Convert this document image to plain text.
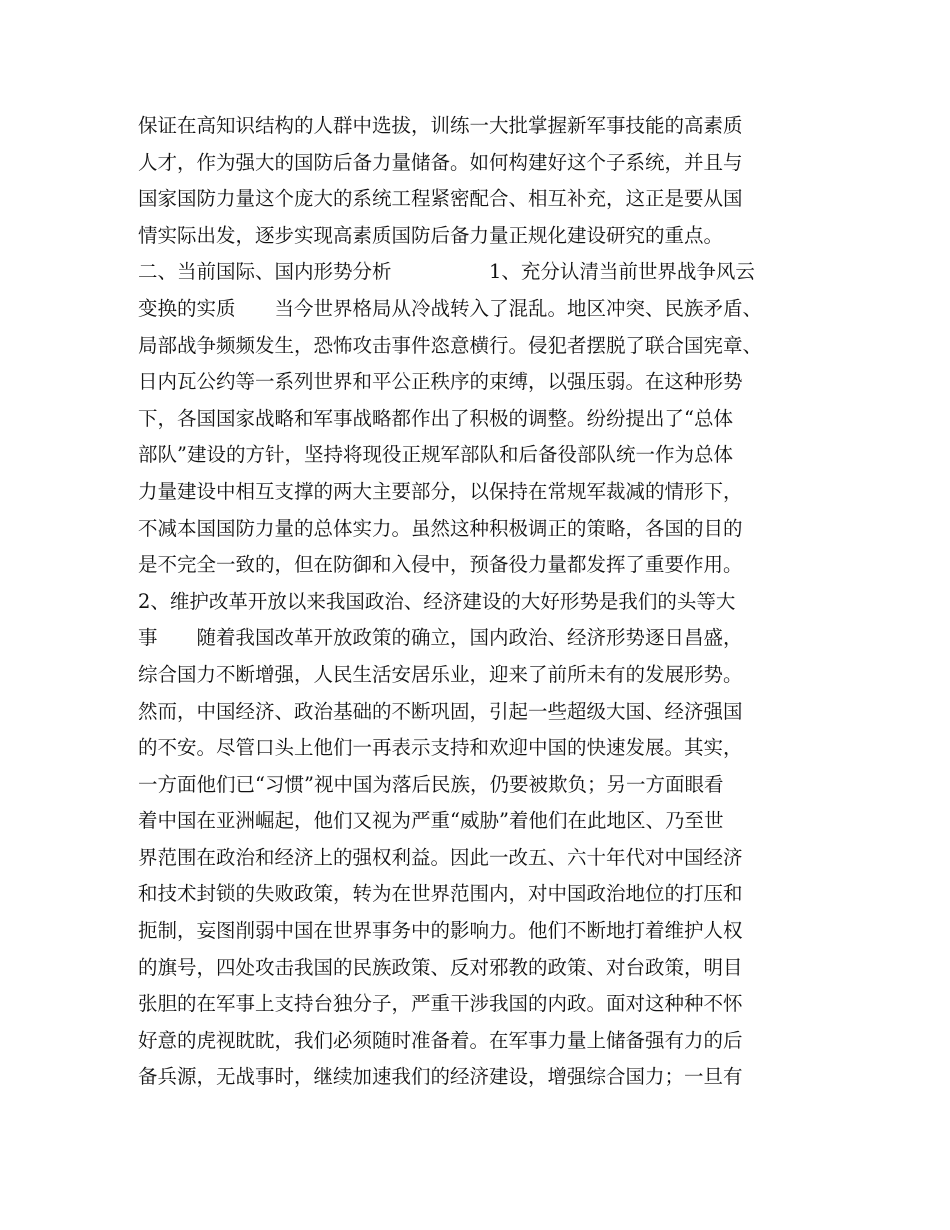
保证在高知识结构的人群中选拔，训练一大批掌握新军事技能的高素质
人才，作为强大的国防后备力量储备。如何构建好这个子系统，并且与
国家国防力量这个庞大的系统工程紧密配合、相互补充，这正是要从国
情实际出发，逐步实现高素质国防后备力量正规化建设研究的重点。
二、当前国际、国内形势分析　　　　　1、充分认清当前世界战争风云
变换的实质　　当今世界格局从冷战转入了混乱。地区冲突、民族矛盾、
局部战争频频发生，恐怖攻击事件恣意横行。侵犯者摆脱了联合国宪章、
日内瓦公约等一系列世界和平公正秩序的束缚，以强压弱。在这种形势
下，各国国家战略和军事战略都作出了积极的调整。纷纷提出了“总体
部队”建设的方针，坚持将现役正规军部队和后备役部队统一作为总体
力量建设中相互支撑的两大主要部分，以保持在常规军裁减的情形下，
不减本国国防力量的总体实力。虽然这种积极调正的策略，各国的目的
是不完全一致的，但在防御和入侵中，预备役力量都发挥了重要作用。
2、维护改革开放以来我国政治、经济建设的大好形势是我们的头等大
事　　随着我国改革开放政策的确立，国内政治、经济形势逐日昌盛，
综合国力不断增强，人民生活安居乐业，迎来了前所未有的发展形势。
然而，中国经济、政治基础的不断巩固，引起一些超级大国、经济强国
的不安。尽管口头上他们一再表示支持和欢迎中国的快速发展。其实，
一方面他们已“习惯”视中国为落后民族，仍要被欺负；另一方面眼看
着中国在亚洲崛起，他们又视为严重“威胁”着他们在此地区、乃至世
界范围在政治和经济上的强权利益。因此一改五、六十年代对中国经济
和技术封锁的失败政策，转为在世界范围内，对中国政治地位的打压和
扼制，妄图削弱中国在世界事务中的影响力。他们不断地打着维护人权
的旗号，四处攻击我国的民族政策、反对邪教的政策、对台政策，明目
张胆的在军事上支持台独分子，严重干涉我国的内政。面对这种种不怀
好意的虎视眈眈，我们必须随时准备着。在军事力量上储备强有力的后
备兵源，无战事时，继续加速我们的经济建设，增强综合国力；一旦有
